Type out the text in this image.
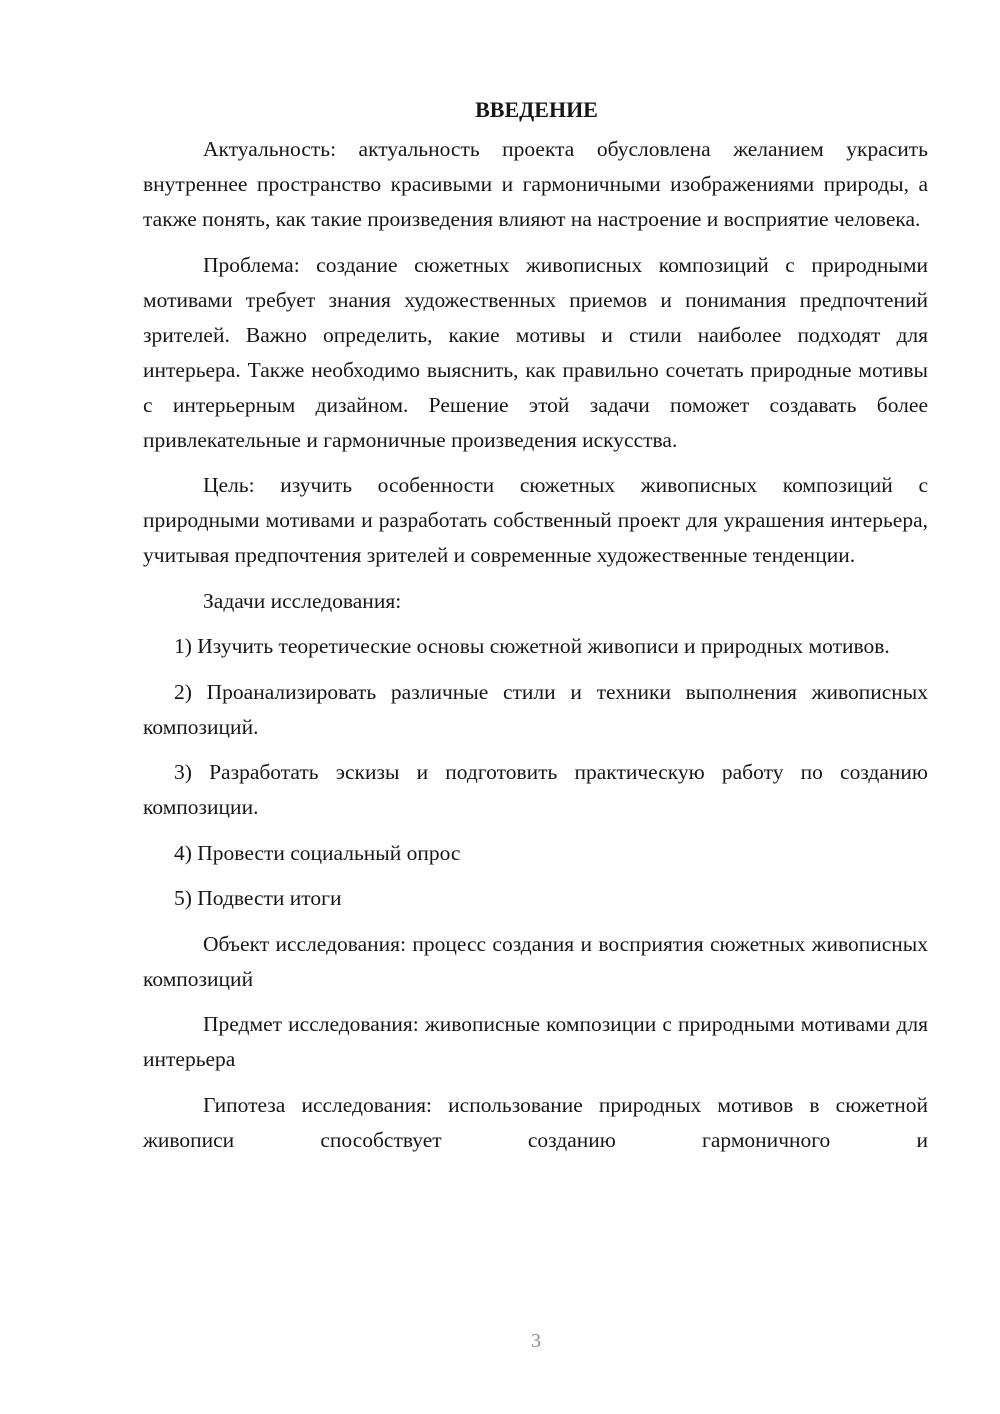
ВВЕДЕНИЕ

Актуальность: актуальность проекта обусловлена желанием украсить внутреннее пространство красивыми и гармоничными изображениями природы, а также понять, как такие произведения влияют на настроение и восприятие человека.

Проблема: создание сюжетных живописных композиций с природными мотивами требует знания художественных приемов и понимания предпочтений зрителей. Важно определить, какие мотивы и стили наиболее подходят для интерьера. Также необходимо выяснить, как правильно сочетать природные мотивы с интерьерным дизайном. Решение этой задачи поможет создавать более привлекательные и гармоничные произведения искусства.

Цель: изучить особенности сюжетных живописных композиций с природными мотивами и разработать собственный проект для украшения интерьера, учитывая предпочтения зрителей и современные художественные тенденции.

Задачи исследования:

1) Изучить теоретические основы сюжетной живописи и природных мотивов.

2) Проанализировать различные стили и техники выполнения живописных композиций.

3) Разработать эскизы и подготовить практическую работу по созданию композиции.

4) Провести социальный опрос

5) Подвести итоги

Объект исследования: процесс создания и восприятия сюжетных живописных композиций

Предмет исследования: живописные композиции с природными мотивами для интерьера

Гипотеза исследования: использование природных мотивов в сюжетной живописи способствует созданию гармоничного и

3
